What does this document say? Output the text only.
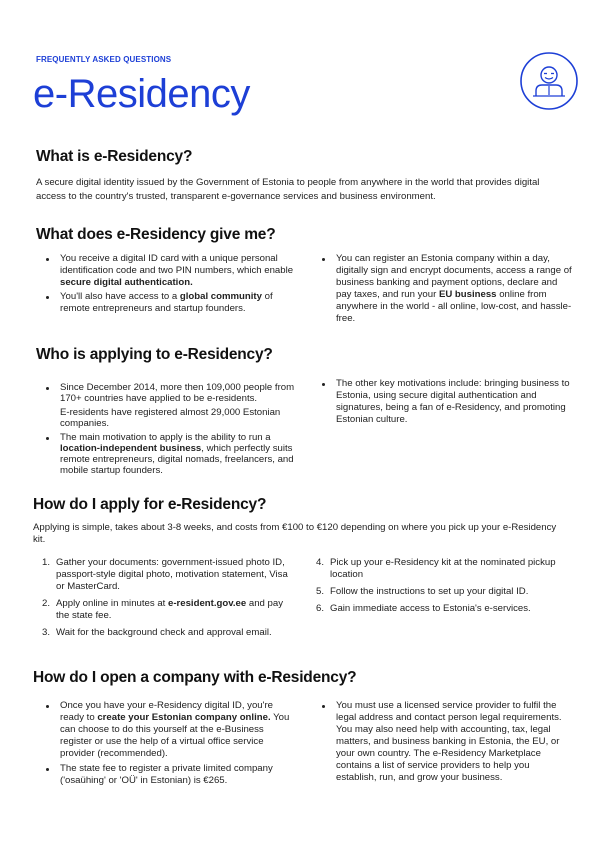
FREQUENTLY ASKED QUESTIONS
e-Residency
What is e-Residency?

A secure digital identity issued by the Government of Estonia to people from anywhere in the world that provides digital access to the country's trusted, transparent e-governance services and business environment.

What does e-Residency give me?
You receive a digital ID card with a unique personal identification code and two PIN numbers, which enable secure digital authentication.
You'll also have access to a global community of remote entrepreneurs and startup founders.
You can register an Estonia company within a day, digitally sign and encrypt documents, access a range of business banking and payment options, declare and pay taxes, and run your EU business online from anywhere in the world - all online, low-cost, and hassle-free.
Who is applying to e-Residency?
Since December 2014, more then 109,000 people from 170+ countries have applied to be e-residents.
E-residents have registered almost 29,000 Estonian companies.
The main motivation to apply is the ability to run a location-independent business, which perfectly suits remote entrepreneurs, digital nomads, freelancers, and mobile startup founders.
The other key motivations include: bringing business to Estonia, using secure digital authentication and signatures, being a fan of e-Residency, and promoting Estonian culture.
How do I apply for e-Residency?

Applying is simple, takes about 3-8 weeks, and costs from €100 to €120 depending on where you pick up your e-Residency kit.

1. Gather your documents: government-issued photo ID, passport-style digital photo, motivation statement, Visa or MasterCard.
2. Apply online in minutes at e-resident.gov.ee and pay the state fee.
3. Wait for the background check and approval email.
4. Pick up your e-Residency kit at the nominated pickup location
5. Follow the instructions to set up your digital ID.
6. Gain immediate access to Estonia's e-services.
How do I open a company with e-Residency?
Once you have your e-Residency digital ID, you're ready to create your Estonian company online. You can choose to do this yourself at the e-Business register or use the help of a virtual office service provider (recommended).
The state fee to register a private limited company ('osaühing' or 'OÜ' in Estonian) is €265.
You must use a licensed service provider to fulfil the legal address and contact person legal requirements. You may also need help with accounting, tax, legal matters, and business banking in Estonia, the EU, or your own country. The e-Residency Marketplace contains a list of service providers to help you establish, run, and grow your business.
